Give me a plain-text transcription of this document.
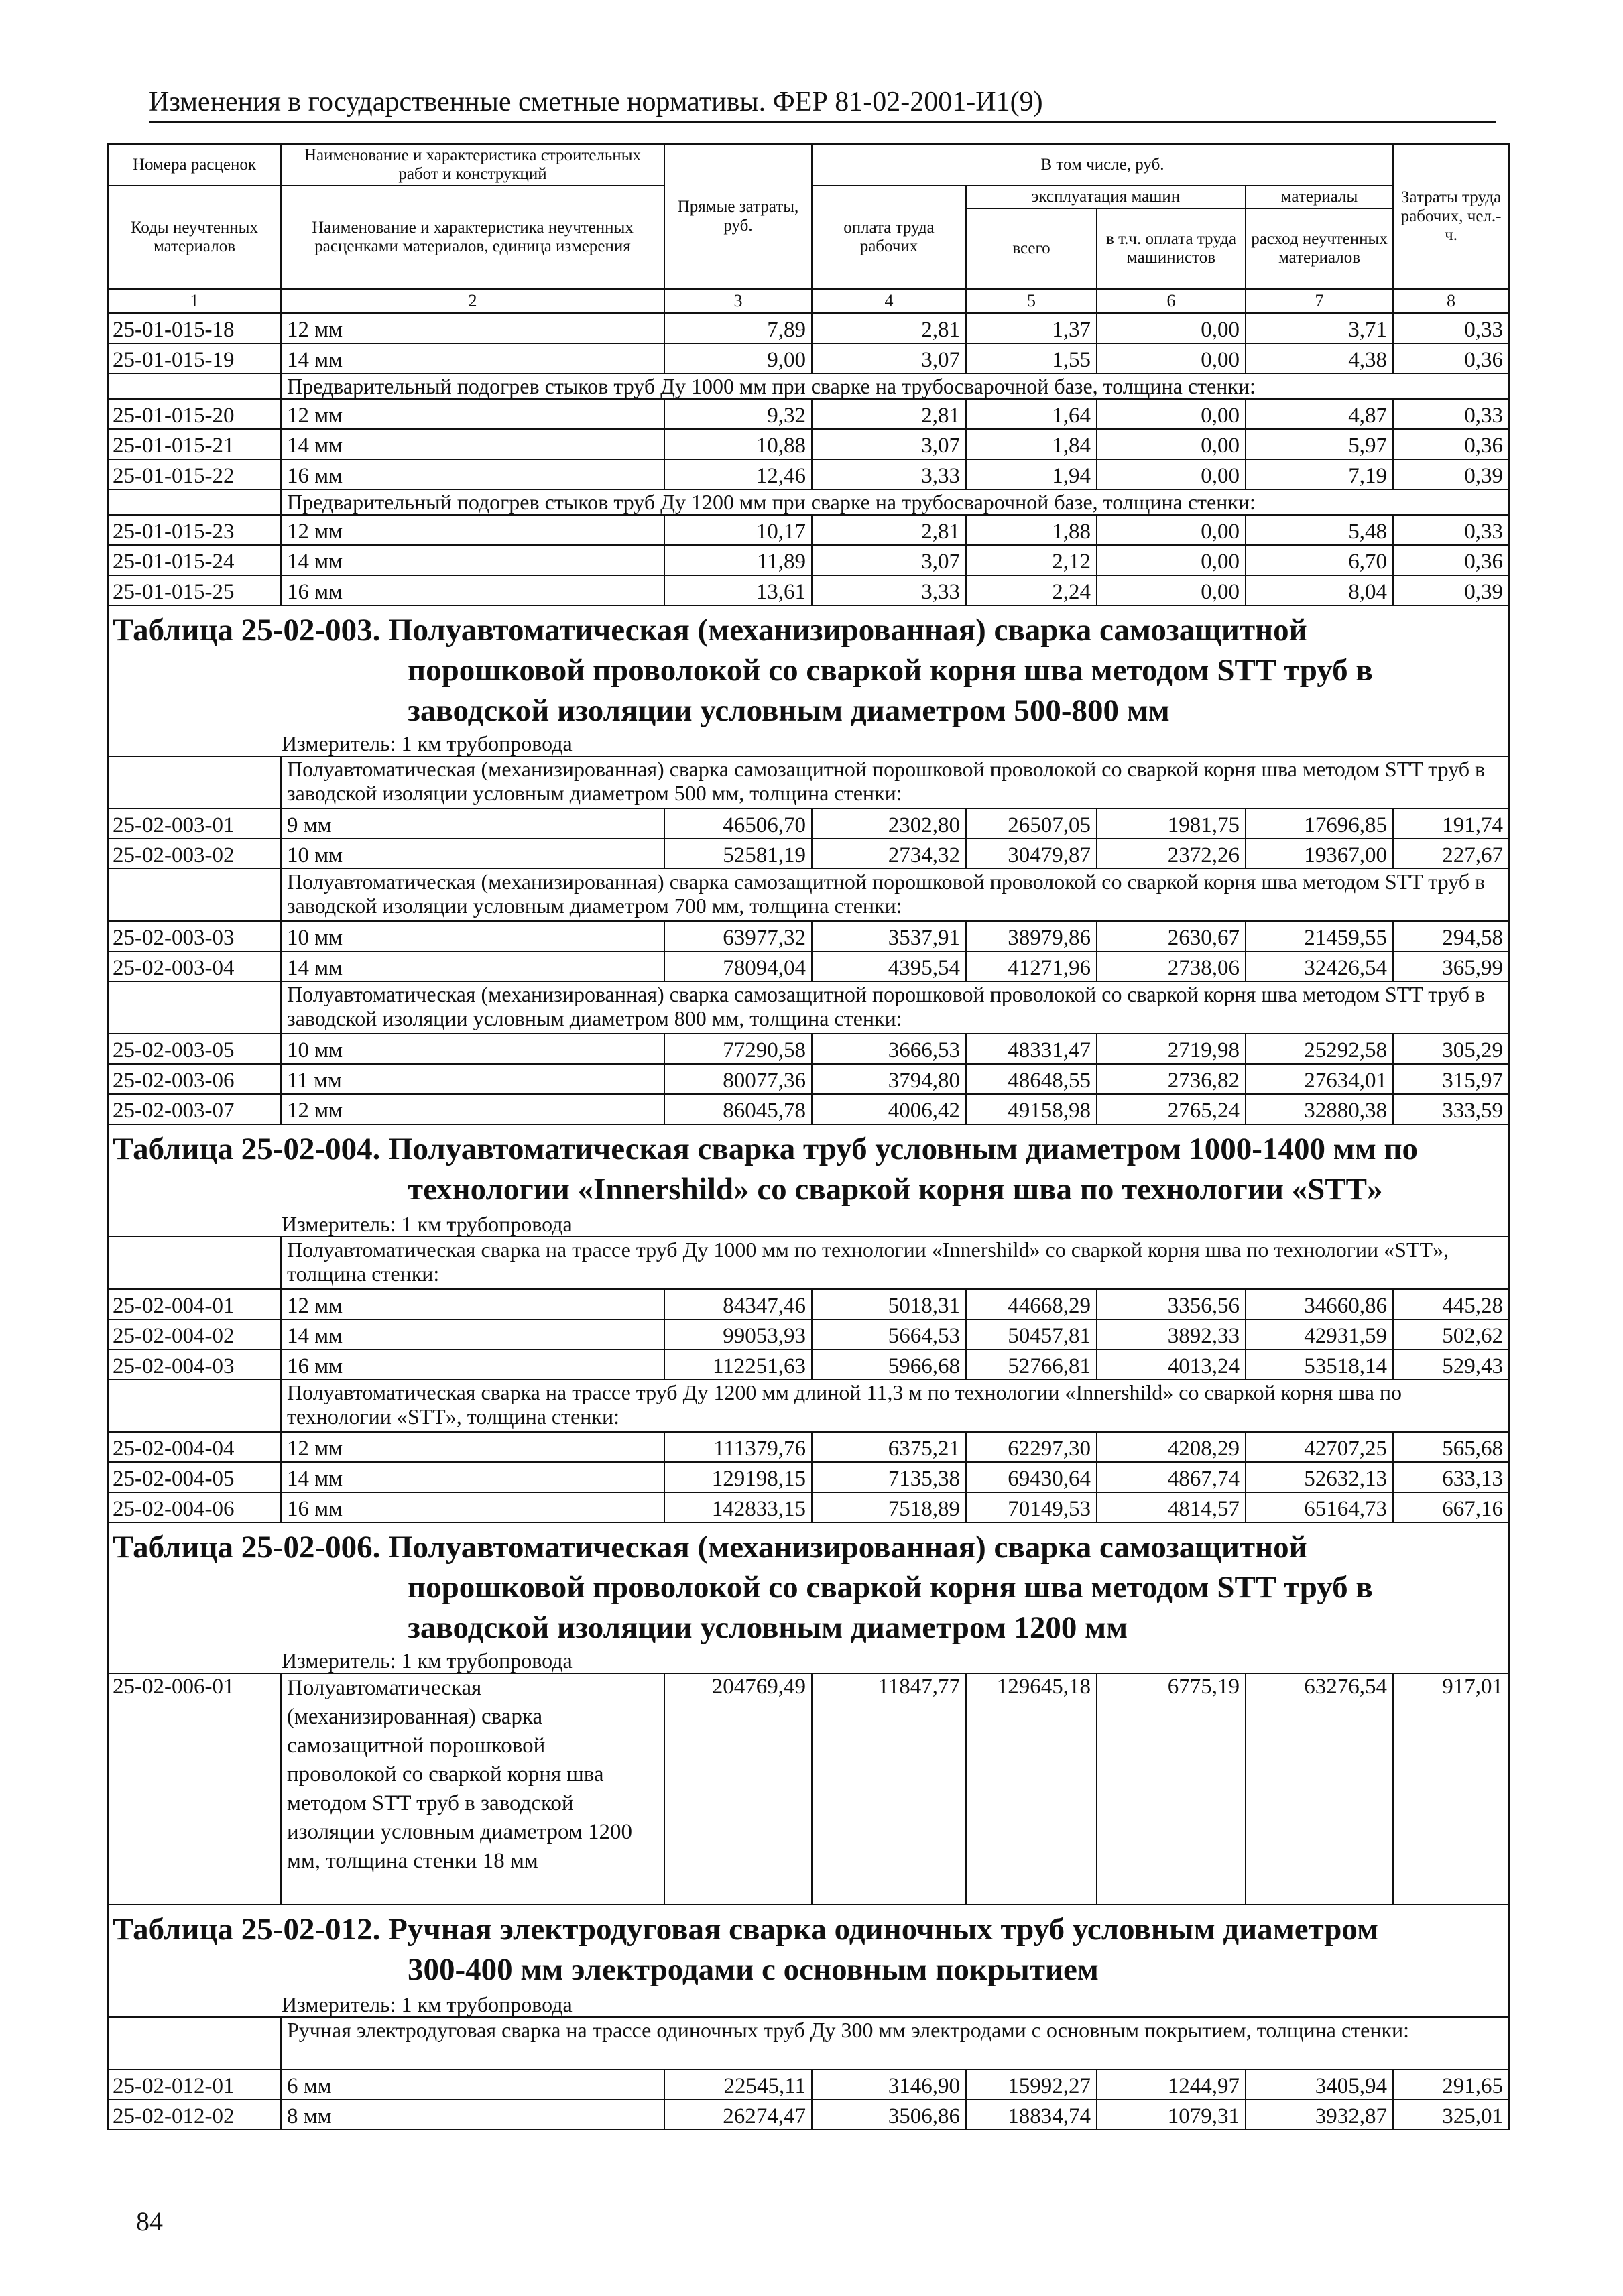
Изменения в государственные сметные нормативы. ФЕР 81-02-2001-И1(9)
Номера расценок	Наименование и характеристика строительных работ и конструкций	Прямые затраты, руб.	В том числе, руб.				Затраты труда рабочих, чел.-ч.
Коды неучтенных материалов	Наименование и характеристика неучтенных расценками материалов, единица измерения		оплата труда рабочих	эксплуатация машин		материалы	
				всего	в т.ч. оплата труда машинистов	расход неучтенных материалов	
1	2	3	4	5	6	7	8
25-01-015-18	12 мм	7,89	2,81	1,37	0,00	3,71	0,33
25-01-015-19	14 мм	9,00	3,07	1,55	0,00	4,38	0,36
	Предварительный подогрев стыков труб Ду 1000 мм при сварке на трубосварочной базе, толщина стенки:						
25-01-015-20	12 мм	9,32	2,81	1,64	0,00	4,87	0,33
25-01-015-21	14 мм	10,88	3,07	1,84	0,00	5,97	0,36
25-01-015-22	16 мм	12,46	3,33	1,94	0,00	7,19	0,39
	Предварительный подогрев стыков труб Ду 1200 мм при сварке на трубосварочной базе, толщина стенки:						
25-01-015-23	12 мм	10,17	2,81	1,88	0,00	5,48	0,33
25-01-015-24	14 мм	11,89	3,07	2,12	0,00	6,70	0,36
25-01-015-25	16 мм	13,61	3,33	2,24	0,00	8,04	0,39

Таблица 25-02-003. Полуавтоматическая (механизированная) сварка самозащитной
порошковой проволокой со сваркой корня шва методом STT труб в заводской изоляции условным диаметром 500-800 мм							

Измеритель: 1 км трубопровода							
	Полуавтоматическая (механизированная) сварка самозащитной порошковой проволокой со сваркой корня шва методом STT труб в заводской изоляции условным диаметром 500 мм, толщина стенки:						
25-02-003-01	9 мм	46506,70	2302,80	26507,05	1981,75	17696,85	191,74
25-02-003-02	10 мм	52581,19	2734,32	30479,87	2372,26	19367,00	227,67
	Полуавтоматическая (механизированная) сварка самозащитной порошковой проволокой со сваркой корня шва методом STT труб в заводской изоляции условным диаметром 700 мм, толщина стенки:						
25-02-003-03	10 мм	63977,32	3537,91	38979,86	2630,67	21459,55	294,58
25-02-003-04	14 мм	78094,04	4395,54	41271,96	2738,06	32426,54	365,99
	Полуавтоматическая (механизированная) сварка самозащитной порошковой проволокой со сваркой корня шва методом STT труб в заводской изоляции условным диаметром 800 мм, толщина стенки:						
25-02-003-05	10 мм	77290,58	3666,53	48331,47	2719,98	25292,58	305,29
25-02-003-06	11 мм	80077,36	3794,80	48648,55	2736,82	27634,01	315,97
25-02-003-07	12 мм	86045,78	4006,42	49158,98	2765,24	32880,38	333,59

Таблица 25-02-004. Полуавтоматическая сварка труб условным диаметром 1000-1400 мм по
технологии «Innershild» со сваркой корня шва по технологии «STT»							

Измеритель: 1 км трубопровода							
	Полуавтоматическая сварка на трассе труб Ду 1000 мм по технологии «Innershild» со сваркой корня шва по технологии «STT», толщина стенки:						
25-02-004-01	12 мм	84347,46	5018,31	44668,29	3356,56	34660,86	445,28
25-02-004-02	14 мм	99053,93	5664,53	50457,81	3892,33	42931,59	502,62
25-02-004-03	16 мм	112251,63	5966,68	52766,81	4013,24	53518,14	529,43
	Полуавтоматическая сварка на трассе труб Ду 1200 мм длиной 11,3 м по технологии «Innershild» со сваркой корня шва по технологии «STT», толщина стенки:						
25-02-004-04	12 мм	111379,76	6375,21	62297,30	4208,29	42707,25	565,68
25-02-004-05	14 мм	129198,15	7135,38	69430,64	4867,74	52632,13	633,13
25-02-004-06	16 мм	142833,15	7518,89	70149,53	4814,57	65164,73	667,16

Таблица 25-02-006. Полуавтоматическая (механизированная) сварка самозащитной
порошковой проволокой со сваркой корня шва методом STT труб в заводской изоляции условным диаметром 1200 мм							

Измеритель: 1 км трубопровода							
25-02-006-01	Полуавтоматическая (механизированная) сварка самозащитной порошковой проволокой со сваркой корня шва методом STT труб в заводской изоляции условным диаметром 1200 мм, толщина стенки 18 мм	204769,49	11847,77	129645,18	6775,19	63276,54	917,01

Таблица 25-02-012. Ручная электродуговая сварка одиночных труб условным диаметром
300-400 мм электродами с основным покрытием							

Измеритель: 1 км трубопровода							
	Ручная электродуговая сварка на трассе одиночных труб Ду 300 мм электродами с основным покрытием, толщина стенки:						
25-02-012-01	6 мм	22545,11	3146,90	15992,27	1244,97	3405,94	291,65
25-02-012-02	8 мм	26274,47	3506,86	18834,74	1079,31	3932,87	325,01
84
